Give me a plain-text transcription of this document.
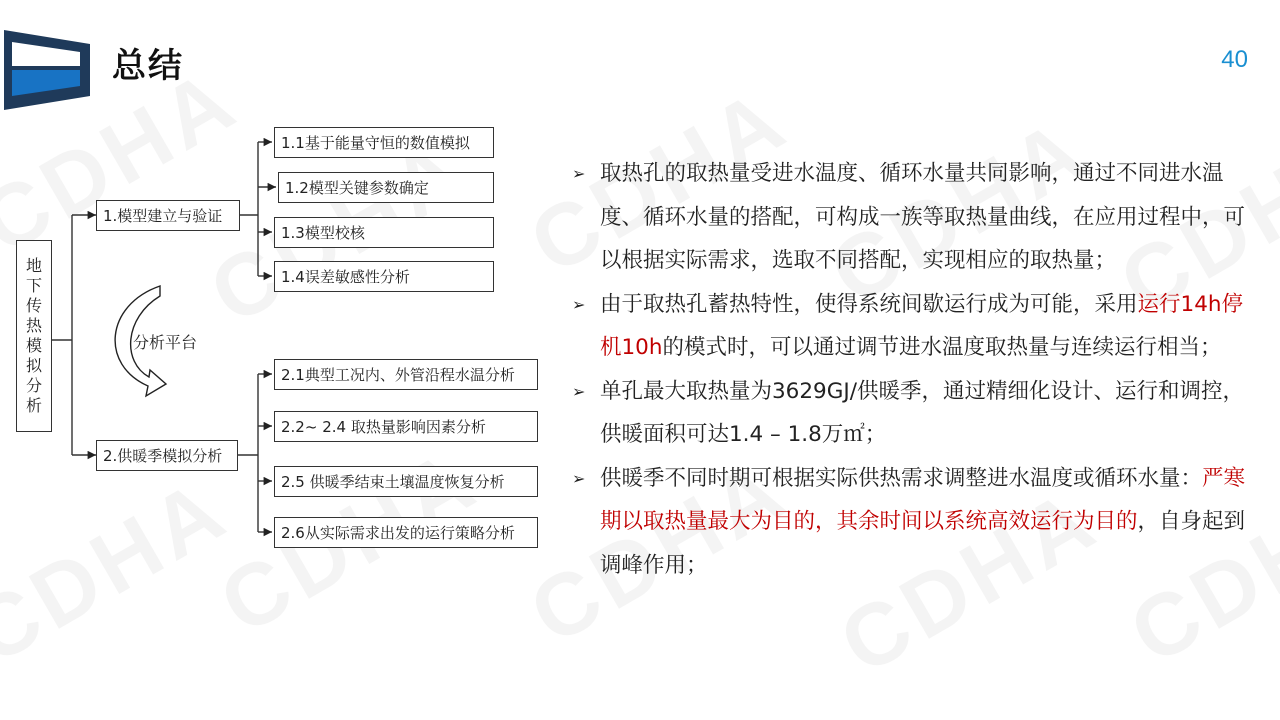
总结	40
地下传热模拟分析
分析平台
1.模型建立与验证
1.1基于能量守恒的数值模拟
1.2模型关键参数确定
1.3模型校核
1.4误差敏感性分析
2.供暖季模拟分析
2.1典型工况内、外管沿程水温分析
2.2~ 2.4 取热量影响因素分析
2.5 供暖季结束土壤温度恢复分析
2.6从实际需求出发的运行策略分析
➢ 取热孔的取热量受进水温度、循环水量共同影响，通过不同进水温度、循环水量的搭配，可构成一族等取热量曲线，在应用过程中，可以根据实际需求，选取不同搭配，实现相应的取热量；
➢ 由于取热孔蓄热特性，使得系统间歇运行成为可能，采用运行14h停机10h的模式时，可以通过调节进水温度取热量与连续运行相当；
➢ 单孔最大取热量为3629GJ/供暖季，通过精细化设计、运行和调控，供暖面积可达1.4 – 1.8万㎡；
➢ 供暖季不同时期可根据实际供热需求调整进水温度或循环水量：严寒期以取热量最大为目的，其余时间以系统高效运行为目的，自身起到调峰作用；
